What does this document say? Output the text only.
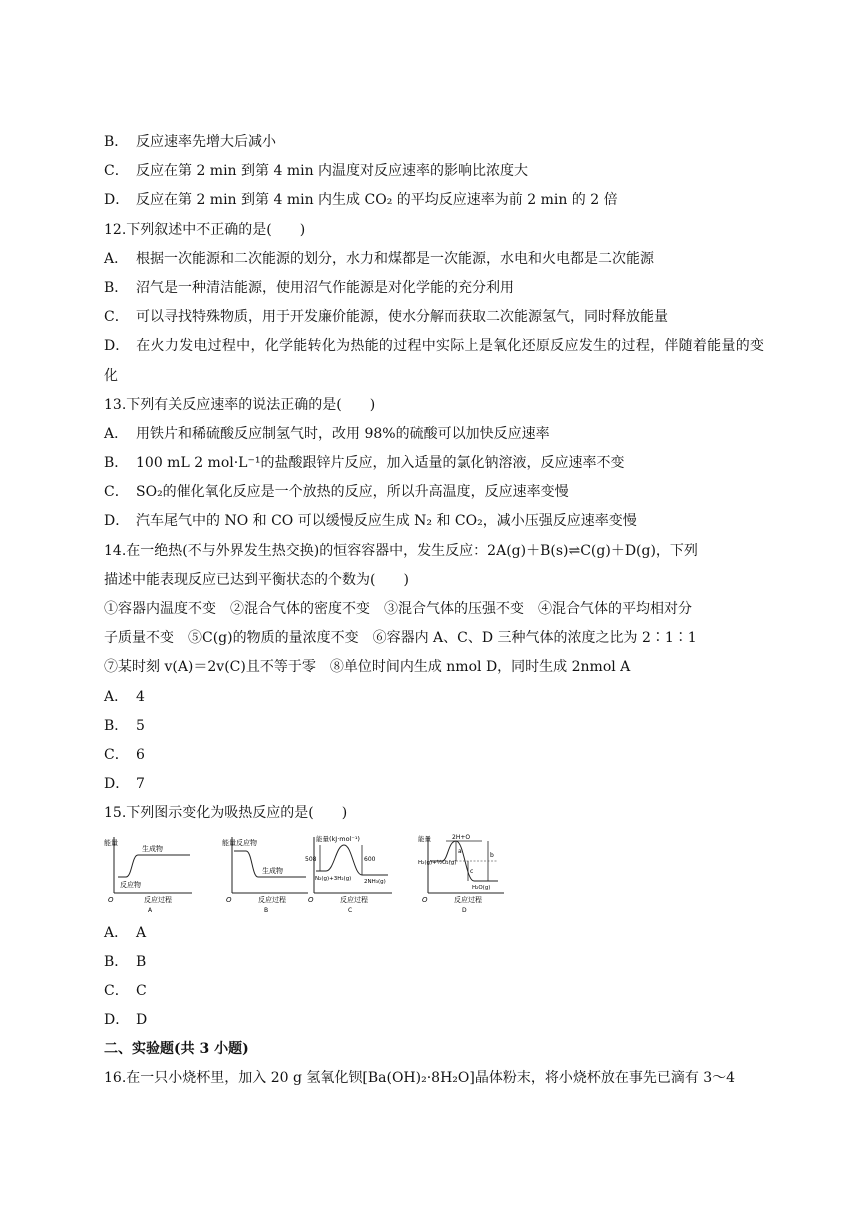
B． 反应速率先增大后减小
C． 反应在第 2 min 到第 4 min 内温度对反应速率的影响比浓度大
D． 反应在第 2 min 到第 4 min 内生成 CO₂ 的平均反应速率为前 2 min 的 2 倍
12.下列叙述中不正确的是(　　)
A． 根据一次能源和二次能源的划分，水力和煤都是一次能源，水电和火电都是二次能源
B． 沼气是一种清洁能源，使用沼气作能源是对化学能的充分利用
C． 可以寻找特殊物质，用于开发廉价能源，使水分解而获取二次能源氢气，同时释放能量
D． 在火力发电过程中，化学能转化为热能的过程中实际上是氧化还原反应发生的过程，伴随着能量的变化
13.下列有关反应速率的说法正确的是(　　)
A． 用铁片和稀硫酸反应制氢气时，改用 98%的硫酸可以加快反应速率
B． 100 mL 2 mol·L⁻¹的盐酸跟锌片反应，加入适量的氯化钠溶液，反应速率不变
C． SO₂的催化氧化反应是一个放热的反应，所以升高温度，反应速率变慢
D． 汽车尾气中的 NO 和 CO 可以缓慢反应生成 N₂ 和 CO₂，减小压强反应速率变慢
14.在一绝热(不与外界发生热交换)的恒容容器中，发生反应：2A(g)＋B(s)⇌C(g)＋D(g)，下列
描述中能表现反应已达到平衡状态的个数为(　　)
①容器内温度不变　②混合气体的密度不变　③混合气体的压强不变　④混合气体的平均相对分
子质量不变　⑤C(g)的物质的量浓度不变　⑥容器内 A、C、D 三种气体的浓度之比为 2∶1∶1
⑦某时刻 v(A)＝2v(C)且不等于零　⑧单位时间内生成 nmol D，同时生成 2nmol A
A． 4
B． 5
C． 6
D． 7
15.下列图示变化为吸热反应的是(　　)
能量
生成物
反应物
反应过程
O
A
能量 反应物
生成物
反应过程
O
B
能量(kJ·mol⁻¹)
508	600
N₂(g)+3H₂(g) 2NH₃(g)
反应过程
O
C
能量	2H+O
H₂(g)+½O₂(g)
H₂O(g)
a
b
c
反应过程
O
D
A． A
B． B
C． C
D． D
二、实验题(共 3 小题)
16.在一只小烧杯里，加入 20 g 氢氧化钡[Ba(OH)₂·8H₂O]晶体粉末，将小烧杯放在事先已滴有 3～4
